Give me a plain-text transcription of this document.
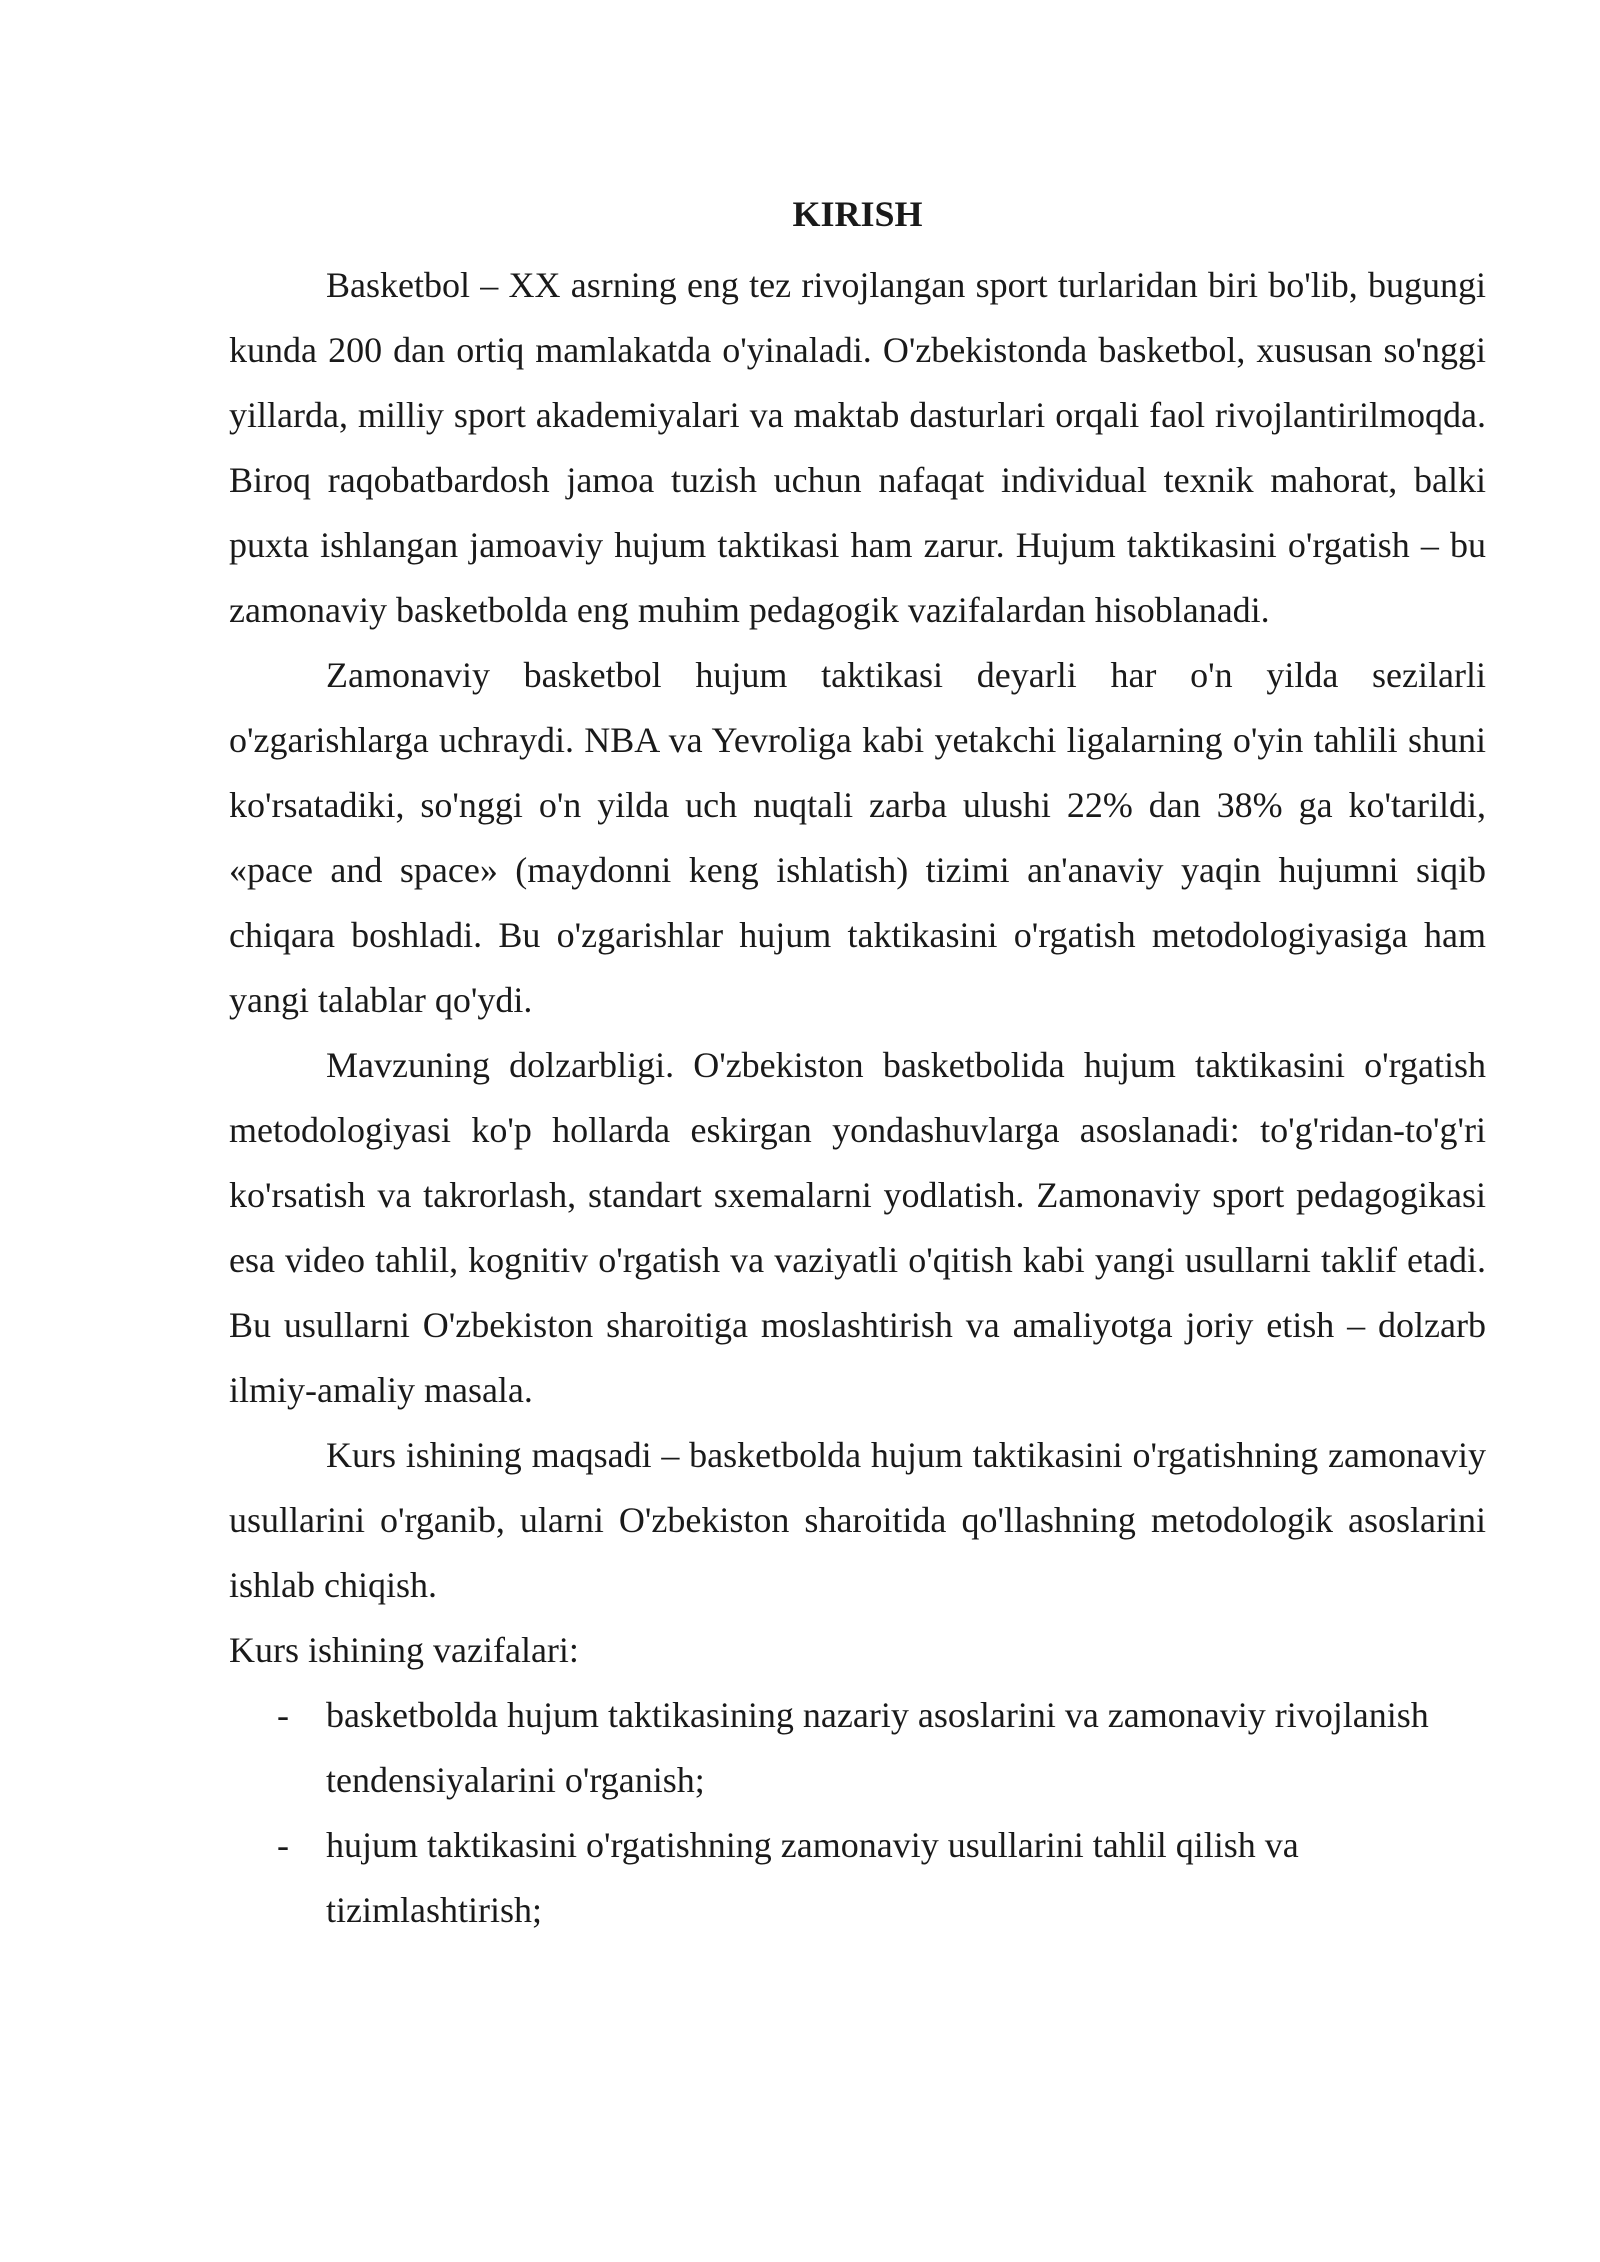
KIRISH

Basketbol – XX asrning eng tez rivojlangan sport turlaridan biri bo'lib, bugungi kunda 200 dan ortiq mamlakatda o'yinaladi. O'zbekistonda basketbol, xususan so'nggi yillarda, milliy sport akademiyalari va maktab dasturlari orqali faol rivojlantirilmoqda. Biroq raqobatbardosh jamoa tuzish uchun nafaqat individual texnik mahorat, balki puxta ishlangan jamoaviy hujum taktikasi ham zarur. Hujum taktikasini o'rgatish – bu zamonaviy basketbolda eng muhim pedagogik vazifalardan hisoblanadi.

Zamonaviy basketbol hujum taktikasi deyarli har o'n yilda sezilarli o'zgarishlarga uchraydi. NBA va Yevroliga kabi yetakchi ligalarning o'yin tahlili shuni ko'rsatadiki, so'nggi o'n yilda uch nuqtali zarba ulushi 22% dan 38% ga ko'tarildi, «pace and space» (maydonni keng ishlatish) tizimi an'anaviy yaqin hujumni siqib chiqara boshladi. Bu o'zgarishlar hujum taktikasini o'rgatish metodologiyasiga ham yangi talablar qo'ydi.

Mavzuning dolzarbligi. O'zbekiston basketbolida hujum taktikasini o'rgatish metodologiyasi ko'p hollarda eskirgan yondashuvlarga asoslanadi: to'g'ridan-to'g'ri ko'rsatish va takrorlash, standart sxemalarni yodlatish. Zamonaviy sport pedagogikasi esa video tahlil, kognitiv o'rgatish va vaziyatli o'qitish kabi yangi usullarni taklif etadi. Bu usullarni O'zbekiston sharoitiga moslashtirish va amaliyotga joriy etish – dolzarb ilmiy-amaliy masala.

Kurs ishining maqsadi – basketbolda hujum taktikasini o'rgatishning zamonaviy usullarini o'rganib, ularni O'zbekiston sharoitida qo'llashning metodologik asoslarini ishlab chiqish.

Kurs ishining vazifalari:

- basketbolda hujum taktikasining nazariy asoslarini va zamonaviy rivojlanish
tendensiyalarini o'rganish;
- hujum taktikasini o'rgatishning zamonaviy usullarini tahlil qilish va
tizimlashtirish;
